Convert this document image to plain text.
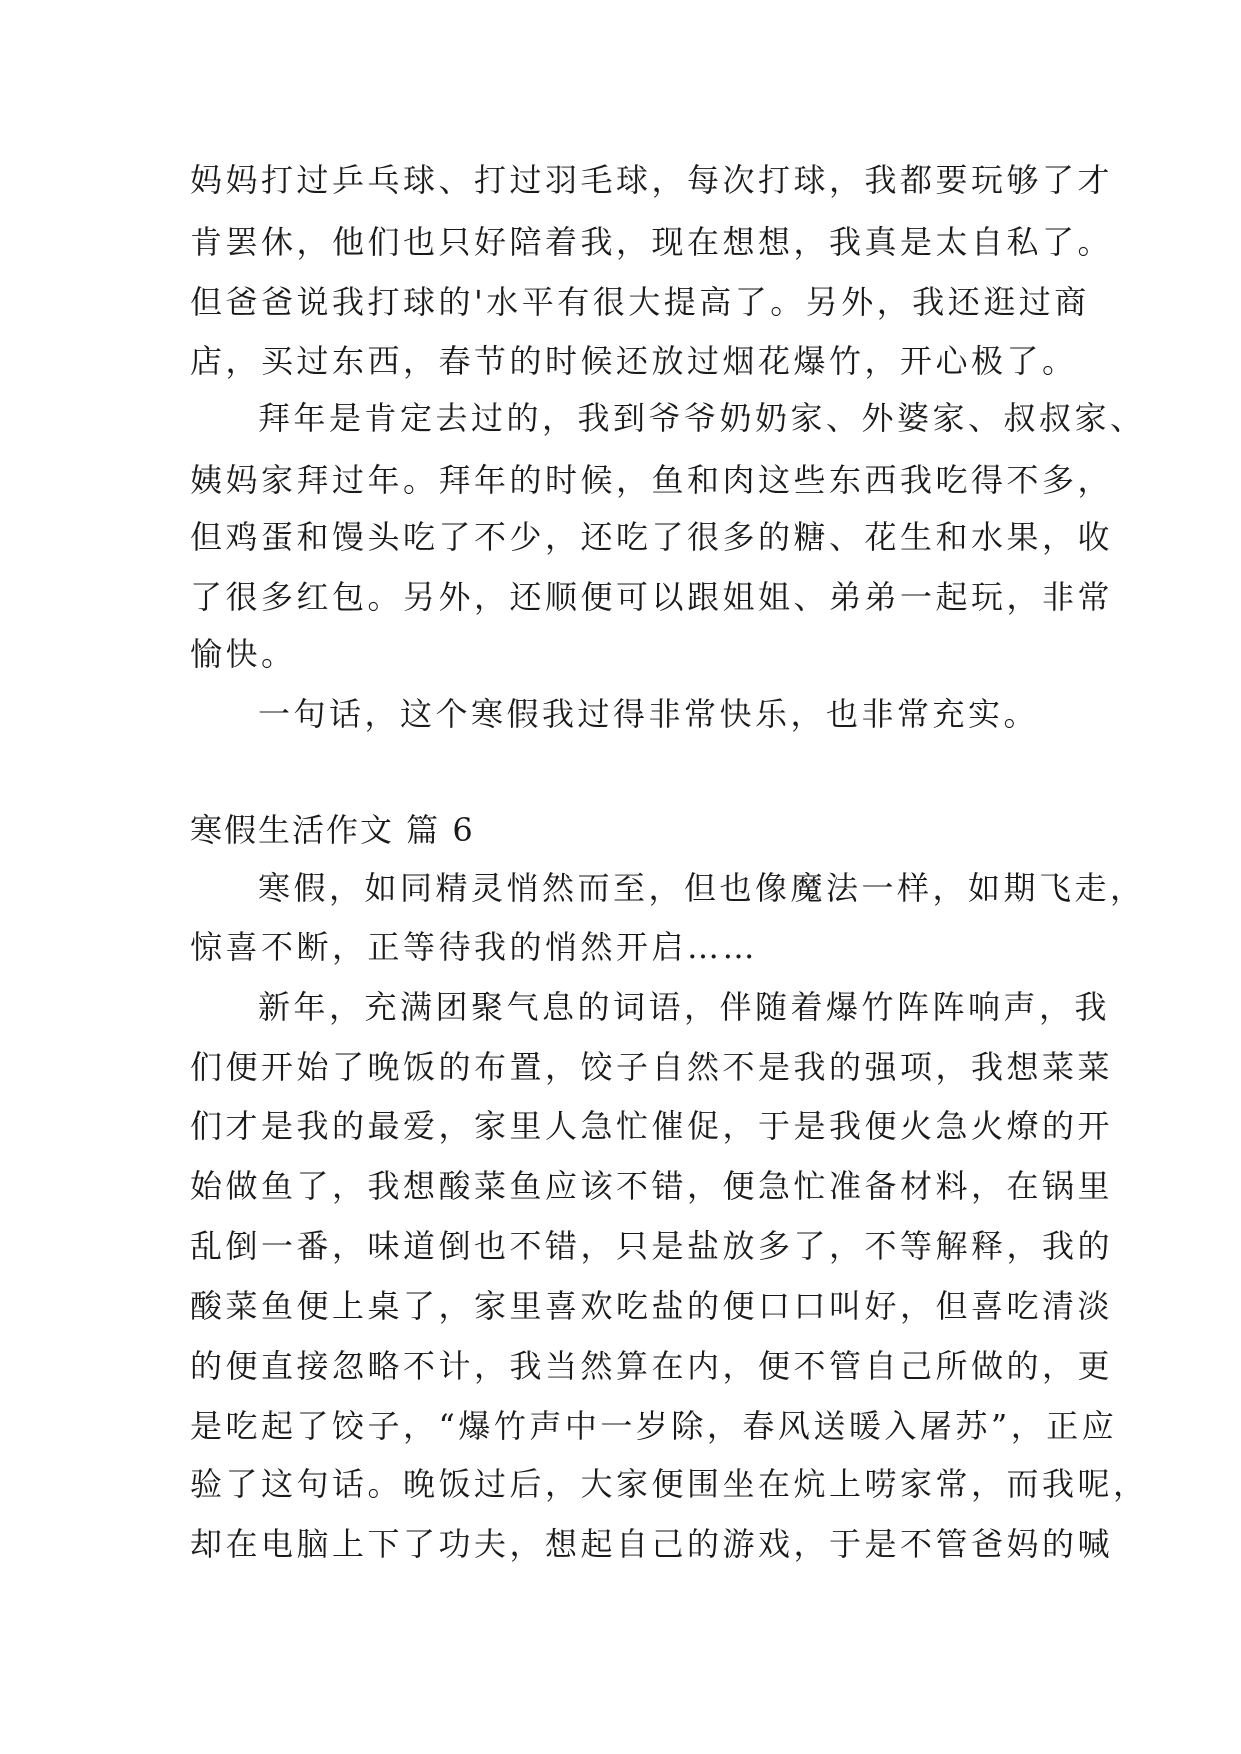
妈妈打过乒乓球、打过羽毛球，每次打球，我都要玩够了才
肯罢休，他们也只好陪着我，现在想想，我真是太自私了。
但爸爸说我打球的'水平有很大提高了。另外，我还逛过商
店，买过东西，春节的时候还放过烟花爆竹，开心极了。
拜年是肯定去过的，我到爷爷奶奶家、外婆家、叔叔家、
姨妈家拜过年。拜年的时候，鱼和肉这些东西我吃得不多，
但鸡蛋和馒头吃了不少，还吃了很多的糖、花生和水果，收
了很多红包。另外，还顺便可以跟姐姐、弟弟一起玩，非常
愉快。
一句话，这个寒假我过得非常快乐，也非常充实。
寒假生活作文 篇 6
寒假，如同精灵悄然而至，但也像魔法一样，如期飞走，
惊喜不断，正等待我的悄然开启……
新年，充满团聚气息的词语，伴随着爆竹阵阵响声，我
们便开始了晚饭的布置，饺子自然不是我的强项，我想菜菜
们才是我的最爱，家里人急忙催促，于是我便火急火燎的开
始做鱼了，我想酸菜鱼应该不错，便急忙准备材料，在锅里
乱倒一番，味道倒也不错，只是盐放多了，不等解释，我的
酸菜鱼便上桌了，家里喜欢吃盐的便口口叫好，但喜吃清淡
的便直接忽略不计，我当然算在内，便不管自己所做的，更
是吃起了饺子，“爆竹声中一岁除，春风送暖入屠苏”，正应
验了这句话。晚饭过后，大家便围坐在炕上唠家常，而我呢，
却在电脑上下了功夫，想起自己的游戏，于是不管爸妈的喊
